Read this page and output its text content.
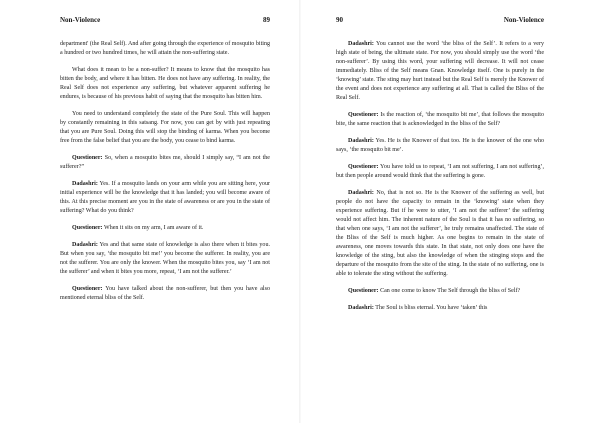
Non-Violence	89

department' (the Real Self). And after going through the experience of mosquito biting a hundred or two hundred times, he will attain the non-suffering state.

What does it mean to be a non-suffer? It means to know that the mosquito has bitten the body, and where it has bitten. He does not have any suffering. In reality, the Real Self does not experience any suffering, but whatever apparent suffering he endures, is because of his previous habit of saying that the mosquito has bitten him.

You need to understand completely the state of the Pure Soul. This will happen by constantly remaining in this satsang. For now, you can get by with just repeating that you are Pure Soul. Doing this will stop the binding of karma. When you become free from the false belief that you are the body, you cease to bind karma.

Questioner: So, when a mosquito bites me, should I simply say, “I am not the sufferer?”

Dadashri: Yes. If a mosquito lands on your arm while you are sitting here, your initial experience will be the knowledge that it has landed; you will become aware of this. At this precise moment are you in the state of awareness or are you in the state of suffering? What do you think?

Questioner: When it sits on my arm, I am aware of it.

Dadashri: Yes and that same state of knowledge is also there when it bites you. But when you say, ‘the mosquito bit me!’ you become the sufferer. In reality, you are not the sufferer. You are only the knower. When the mosquito bites you, say ‘I am not the sufferer’ and when it bites you more, repeat, ‘I am not the sufferer.’

Questioner: You have talked about the non-sufferer, but then you have also mentioned eternal bliss of the Self.

90	Non-Violence

Dadashri: You cannot use the word ‘the bliss of the Self’. It refers to a very high state of being, the ultimate state. For now, you should simply use the word ‘the non-sufferer’. By using this word, your suffering will decrease. It will not cease immediately. Bliss of the Self means Gnan. Knowledge itself. One is purely in the ‘knowing’ state. The sting may hurt instead but the Real Self is merely the Knower of the event and does not experience any suffering at all. That is called the Bliss of the Real Self.

Questioner: Is the reaction of, ‘the mosquito bit me’, that follows the mosquito bite, the same reaction that is acknowledged in the bliss of the Self?

Dadashri: Yes. He is the Knower of that too. He is the knower of the one who says, ‘the mosquito bit me’.

Questioner: You have told us to repeat, ‘I am not suffering, I am not suffering’, but then people around would think that the suffering is gone.

Dadashri: No, that is not so. He is the Knower of the suffering as well, but people do not have the capacity to remain in the ‘knowing’ state when they experience suffering. But if he were to utter, ‘I am not the sufferer’ the suffering would not affect him. The inherent nature of the Soul is that it has no suffering, so that when one says, ‘I am not the sufferer’, he truly remains unaffected. The state of the Bliss of the Self is much higher. As one begins to remain in the state of awareness, one moves towards this state. In that state, not only does one have the knowledge of the sting, but also the knowledge of when the stinging stops and the departure of the mosquito from the site of the sting. In the state of no suffering, one is able to tolerate the sting without the suffering.

Questioner: Can one come to know The Self through the bliss of Self?

Dadashri: The Soul is bliss eternal. You have ‘taken’ this
